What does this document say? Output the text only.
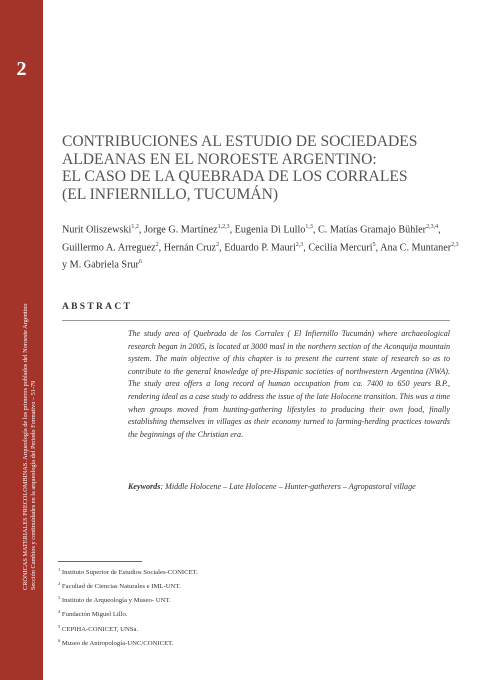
2
CRÓNICAS MATERIALES PRECOLOMBINAS. Arqueología de los primeros poblados del Noroeste Argentino Sección Cambios y continuidades en la arqueología del Periodo Formativo – 51-79
CONTRIBUCIONES AL ESTUDIO DE SOCIEDADES
ALDEANAS EN EL NOROESTE ARGENTINO:
EL CASO DE LA QUEBRADA DE LOS CORRALES
(EL INFIERNILLO, TUCUMÁN)

Nurit Oliszewski$^{1,2}$, Jorge G. Martínez$^{1,2,3}$, Eugenia Di Lullo$^{1,3}$, C. Matías Gramajo Bühler$^{2,3,4}$, Guillermo A. Arreguez$^2$, Hernán Cruz$^2$, Eduardo P. Mauri$^{2,3}$, Cecilia Mercuri$^5$, Ana C. Muntaner$^{2,3}$ y M. Gabriela Srur$^6$

ABSTRACT

The study area of Quebrada de los Corrales ( El Infiernillo Tucumán) where archaeological research began in 2005, is located at 3000 masl in the northern section of the Aconquija mountain system. The main objective of this chapter is to present the current state of research so as to contribute to the general knowledge of pre-Hispanic societies of northwestern Argentina (NWA). The study area offers a long record of human occupation from ca. 7400 to 650 years B.P., rendering ideal as a case study to address the issue of the late Holocene transition. This was a time when groups moved from hunting-gathering lifestyles to producing their own food, finally establishing themselves in villages as their economy turned to farming-herding practices towards the beginnings of the Christian era.

Keywords: Middle Holocene – Late Holocene – Hunter-gatherers – Agropastoral village

$^1$ Instituto Superior de Estudios Sociales-CONICET.
$^2$ Facultad de Ciencias Naturales e IML-UNT.
$^3$ Instituto de Arqueología y Museo- UNT.
$^4$ Fundación Miguel Lillo.
$^5$ CEPIHA-CONICET, UNSa.
$^6$ Museo de Antropología-UNC/CONICET.
